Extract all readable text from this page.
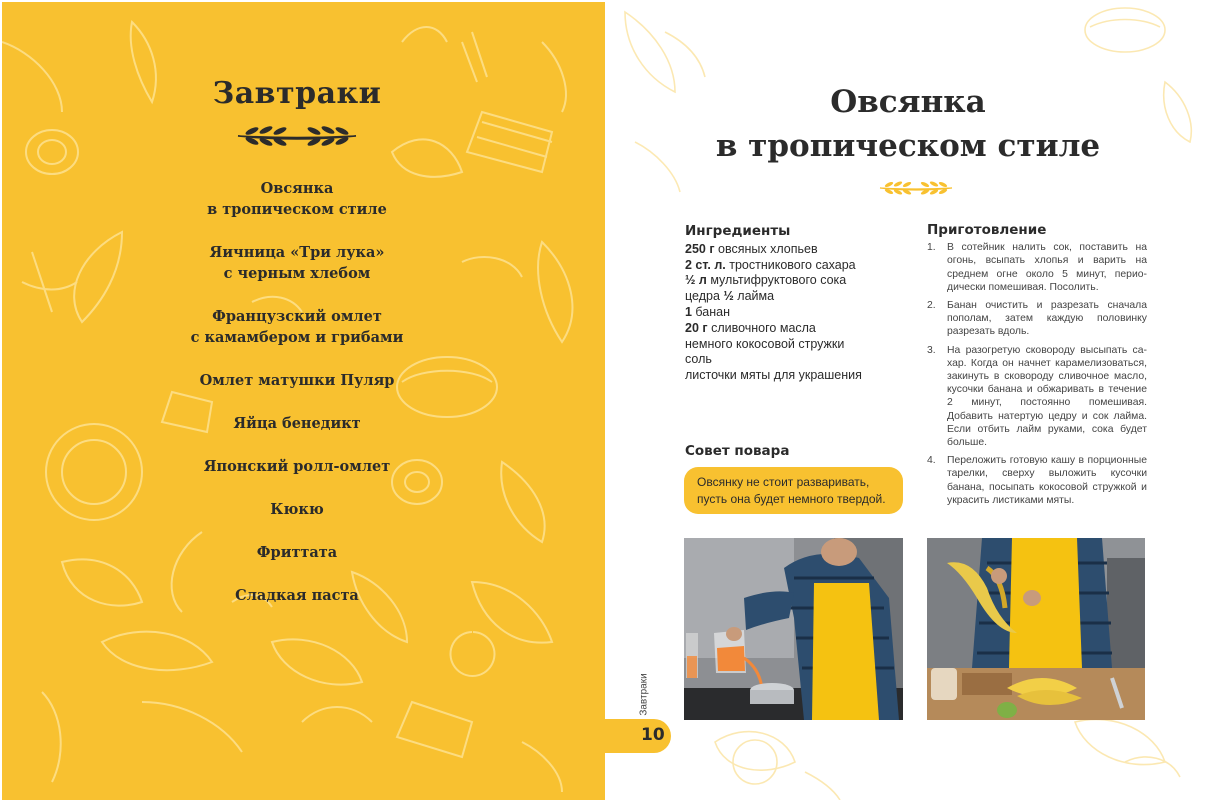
Завтраки
Овсянка
в тропическом стиле
Яичница «Три лука»
с черным хлебом
Французский омлет
с камамбером и грибами
Омлет матушки Пуляр
Яйца бенедикт
Японский ролл-омлет
Кюкю
Фриттата
Сладкая паста
Овсянка
в тропическом стиле
Ингредиенты
250 г овсяных хлопьев
2 ст. л. тростникового сахара
½ л мультифруктового сока
цедра ½ лайма
1 банан
20 г сливочного масла
немного кокосовой стружки
соль
листочки мяты для украшения
Совет повара
Овсянку не стоит разваривать,
пусть она будет немного твердой.
Приготовление
1. В сотейник налить сок, поставить на огонь, всыпать хлопья и варить на среднем огне около 5 минут, периодически помешивая. Посолить.
2. Банан очистить и разрезать сначала пополам, затем каждую половинку разрезать вдоль.
3. На разогретую сковороду высыпать сахар. Когда он начнет карамелизоваться, закинуть в сковороду сливочное масло, кусочки банана и обжаривать в течение 2 минут, постоянно помешивая. Добавить натертую цедру и сок лайма. Если отбить лайм руками, сока будет больше.
4. Переложить готовую кашу в порционные тарелки, сверху выложить кусочки банана, посыпать кокосовой стружкой и украсить листиками мяты.
Завтраки
10
